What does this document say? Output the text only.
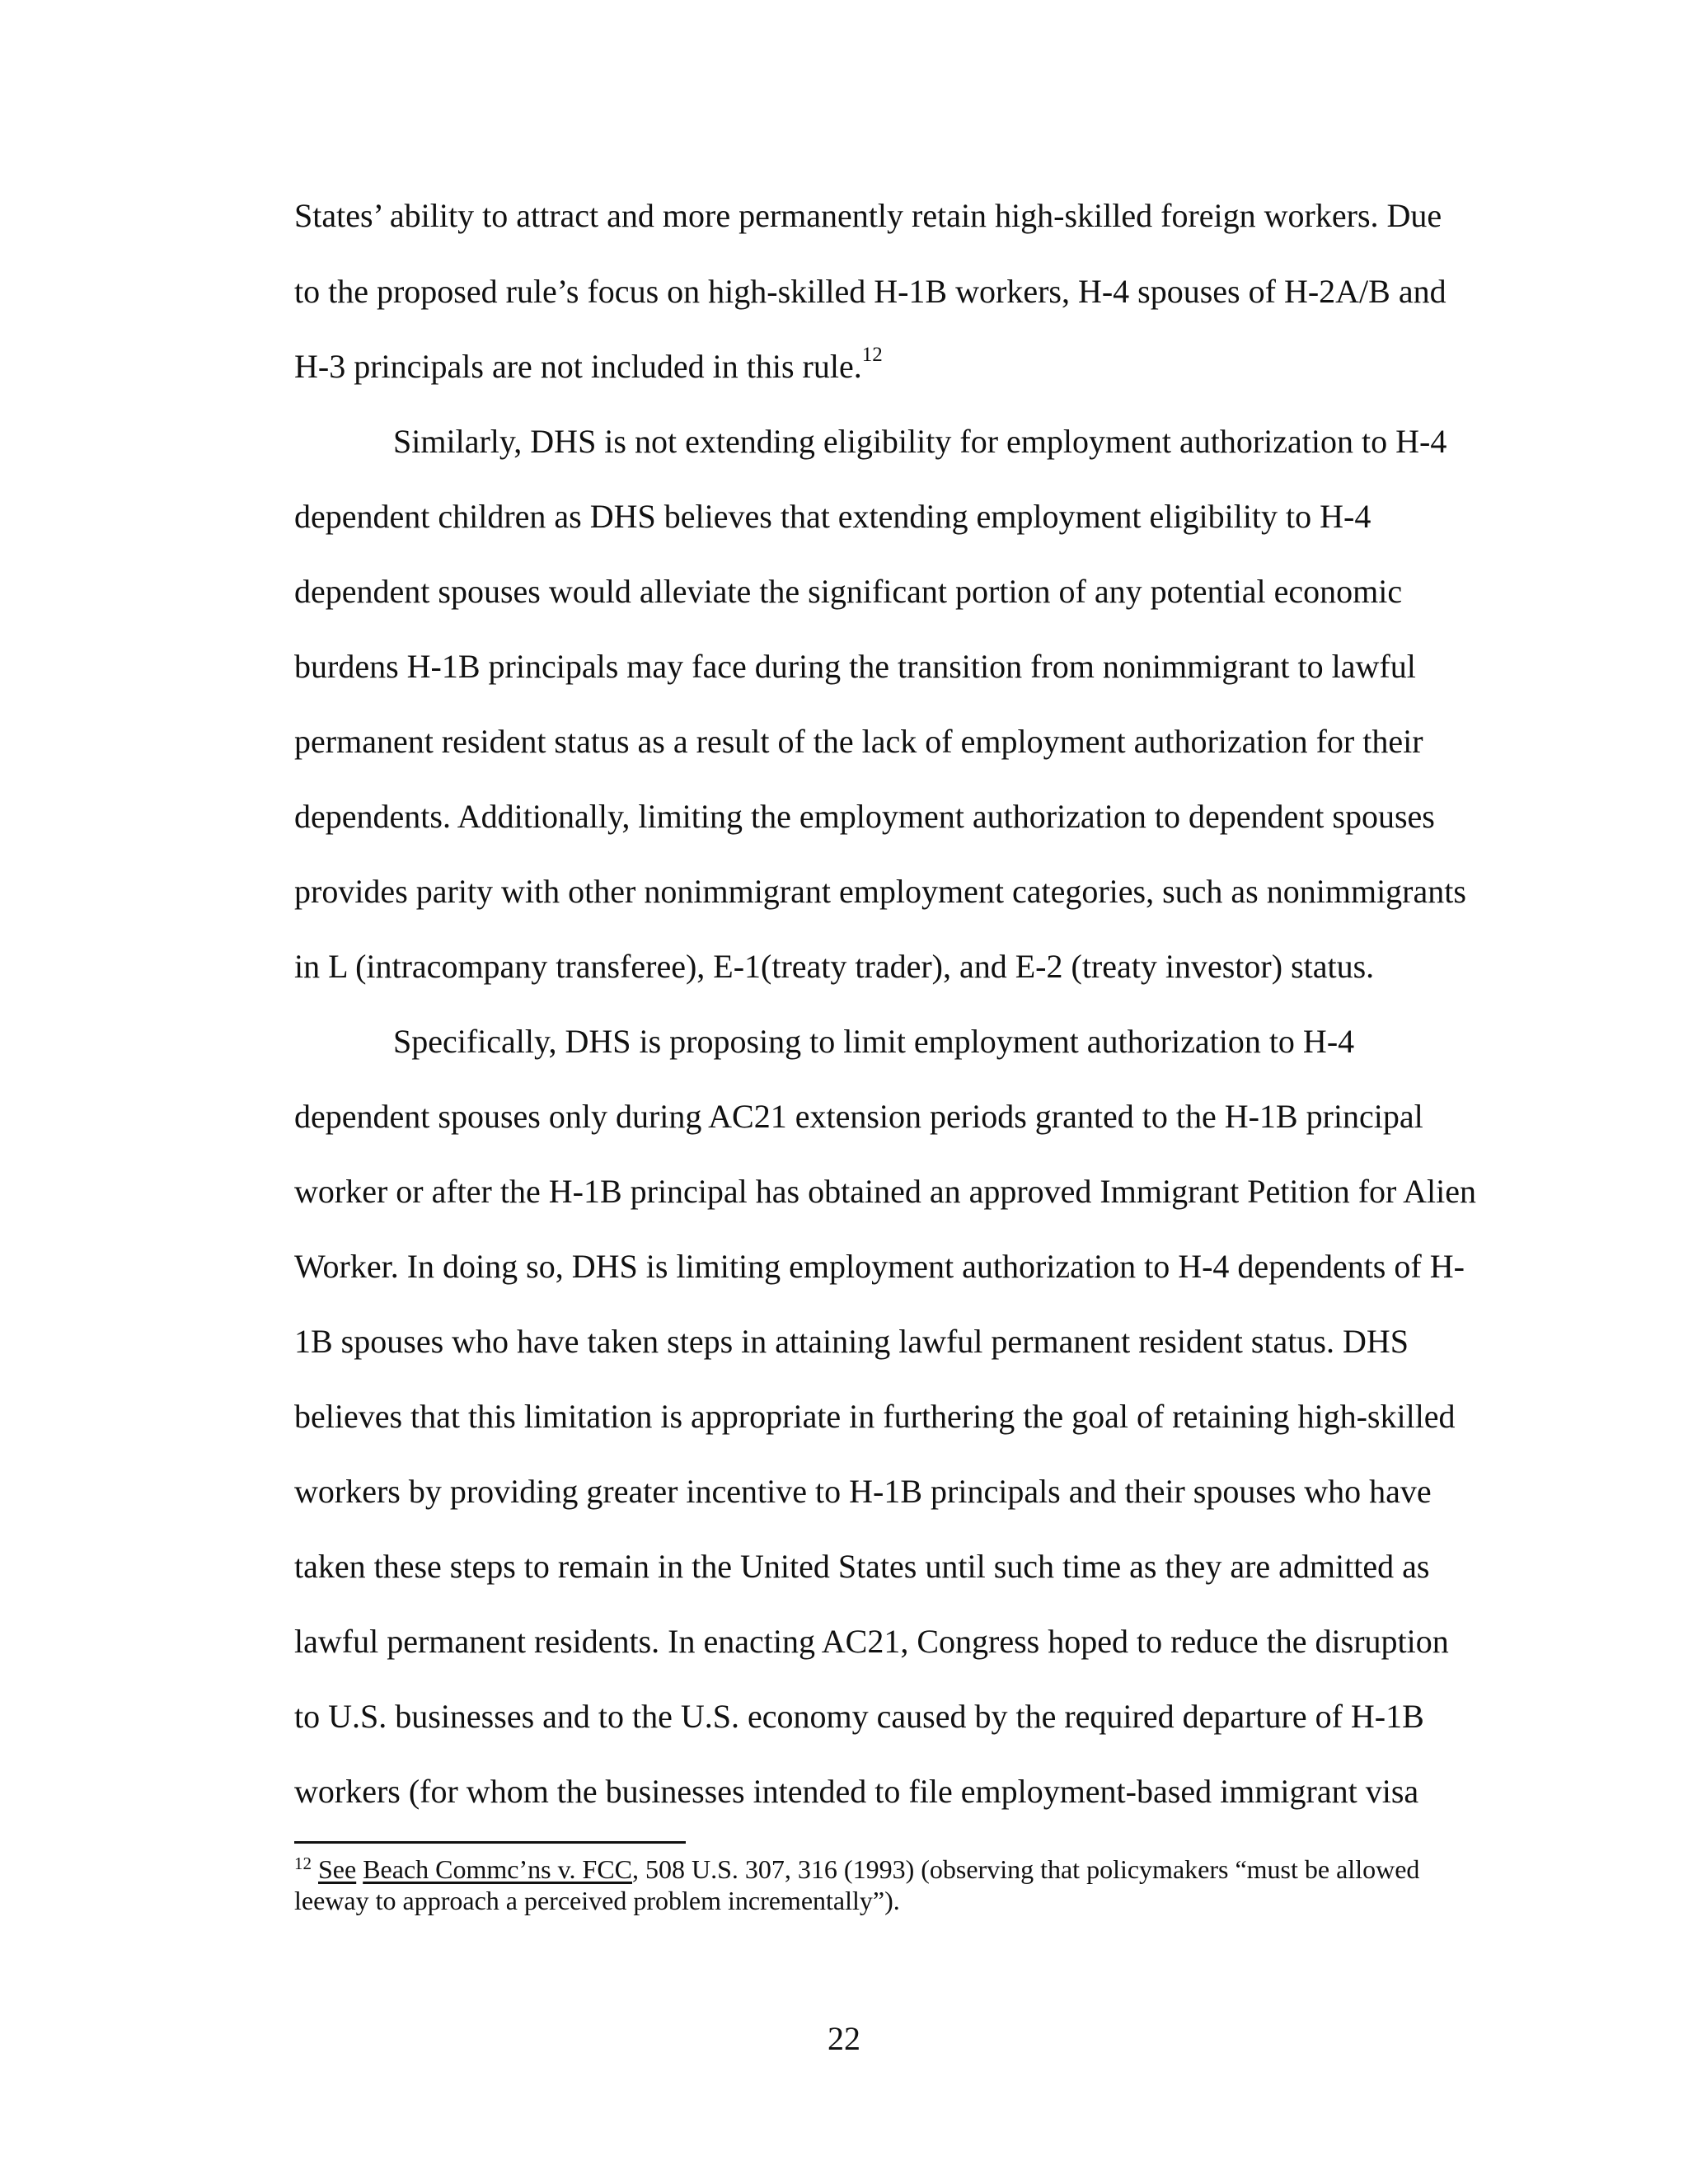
States’ ability to attract and more permanently retain high-skilled foreign workers. Due

to the proposed rule’s focus on high-skilled H-1B workers, H-4 spouses of H-2A/B and

H-3 principals are not included in this rule.$^{12}$

Similarly, DHS is not extending eligibility for employment authorization to H-4

dependent children as DHS believes that extending employment eligibility to H-4

dependent spouses would alleviate the significant portion of any potential economic

burdens H-1B principals may face during the transition from nonimmigrant to lawful

permanent resident status as a result of the lack of employment authorization for their

dependents. Additionally, limiting the employment authorization to dependent spouses

provides parity with other nonimmigrant employment categories, such as nonimmigrants

in L (intracompany transferee), E-1(treaty trader), and E-2 (treaty investor) status.

Specifically, DHS is proposing to limit employment authorization to H-4

dependent spouses only during AC21 extension periods granted to the H-1B principal

worker or after the H-1B principal has obtained an approved Immigrant Petition for Alien

Worker. In doing so, DHS is limiting employment authorization to H-4 dependents of H-

1B spouses who have taken steps in attaining lawful permanent resident status. DHS

believes that this limitation is appropriate in furthering the goal of retaining high-skilled

workers by providing greater incentive to H-1B principals and their spouses who have

taken these steps to remain in the United States until such time as they are admitted as

lawful permanent residents. In enacting AC21, Congress hoped to reduce the disruption

to U.S. businesses and to the U.S. economy caused by the required departure of H-1B

workers (for whom the businesses intended to file employment-based immigrant visa

$^{12}$ See Beach Commc’ns v. FCC, 508 U.S. 307, 316 (1993) (observing that policymakers “must be allowed
leeway to approach a perceived problem incrementally”).
22
